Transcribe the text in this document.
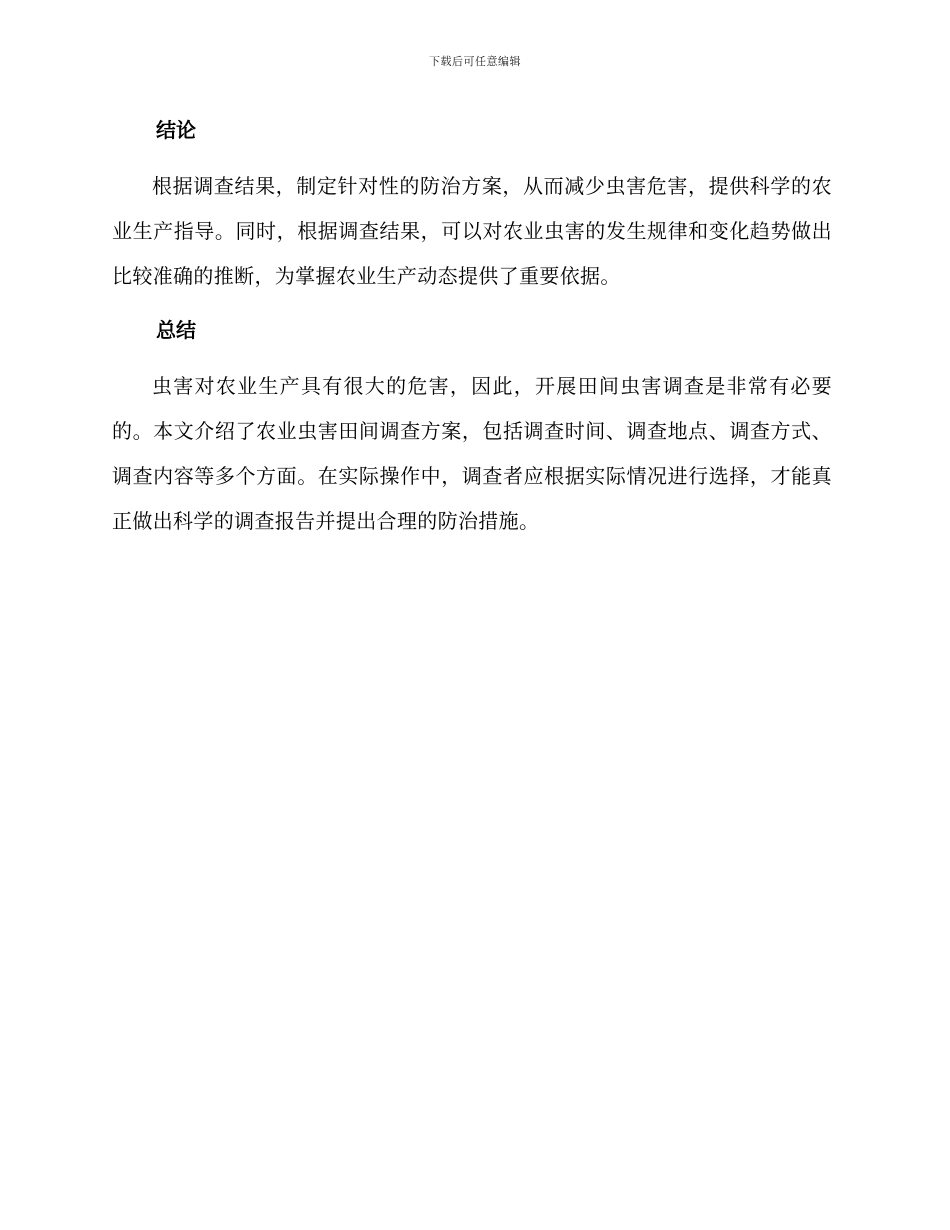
下载后可任意编辑
结论

根据调查结果，制定针对性的防治方案，从而减少虫害危害，提供科学的农业生产指导。同时，根据调查结果，可以对农业虫害的发生规律和变化趋势做出比较准确的推断，为掌握农业生产动态提供了重要依据。

总结

虫害对农业生产具有很大的危害，因此，开展田间虫害调查是非常有必要的。本文介绍了农业虫害田间调查方案，包括调查时间、调查地点、调查方式、调查内容等多个方面。在实际操作中，调查者应根据实际情况进行选择，才能真正做出科学的调查报告并提出合理的防治措施。
